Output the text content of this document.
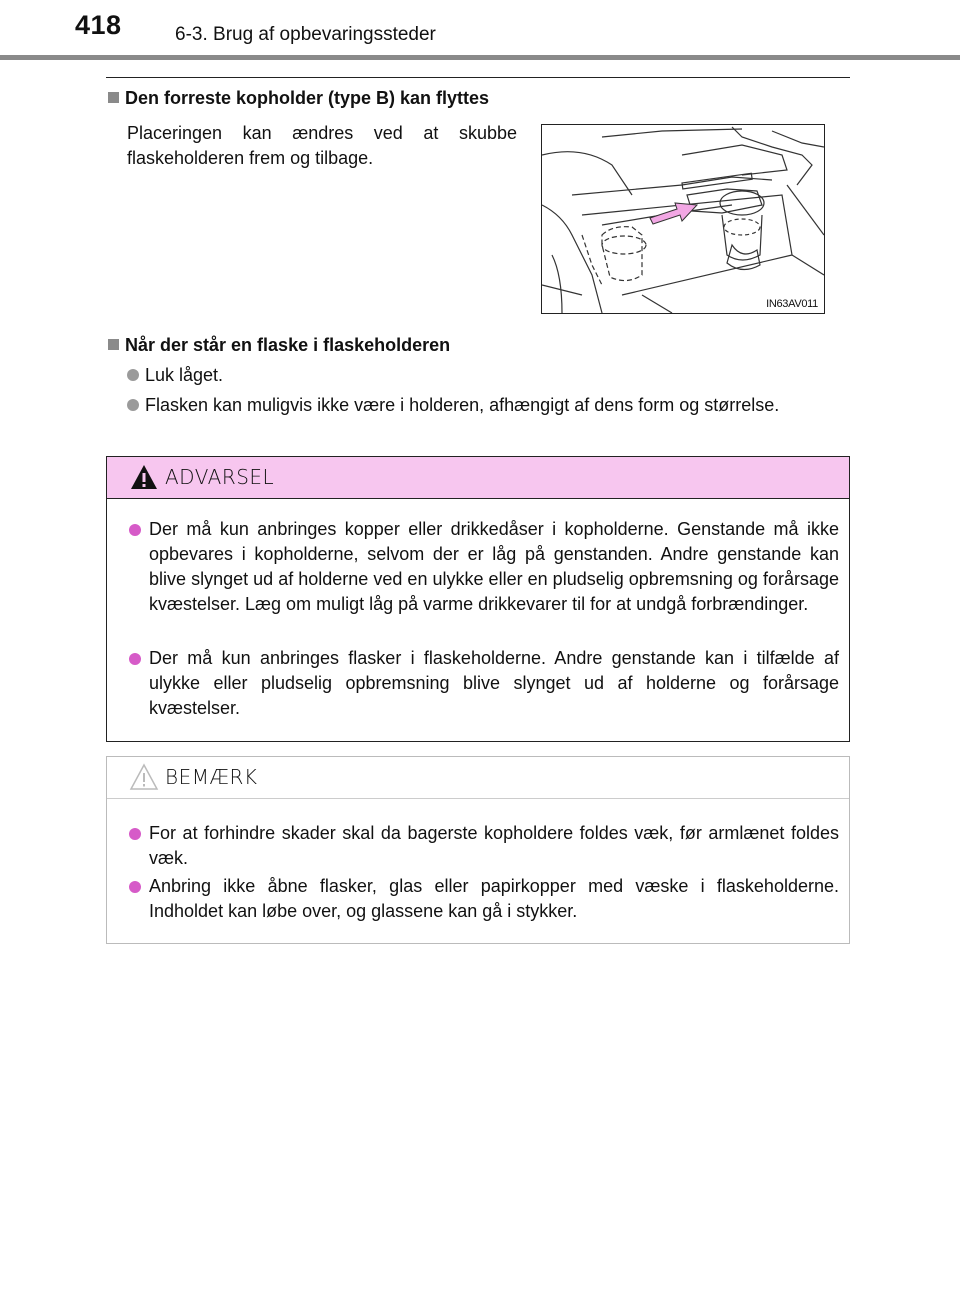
418	6-3. Brug af opbevaringssteder
Den forreste kopholder (type B) kan flyttes
Placeringen kan ændres ved at skubbe flaskeholderen frem og tilbage.
IN63AV011
Når der står en flaske i flaskeholderen
Luk låget.
Flasken kan muligvis ikke være i holderen, afhængigt af dens form og størrelse.
ADVARSEL
Der må kun anbringes kopper eller drikkedåser i kopholderne. Genstande må ikke opbevares i kopholderne, selvom der er låg på genstanden. Andre genstande kan blive slynget ud af holderne ved en ulykke eller en pludselig opbremsning og forårsage kvæstelser. Læg om muligt låg på varme drikkevarer til for at undgå forbrændinger.
Der må kun anbringes flasker i flaskeholderne. Andre genstande kan i tilfælde af ulykke eller pludselig opbremsning blive slynget ud af holderne og forårsage kvæstelser.
BEMÆRK
For at forhindre skader skal da bagerste kopholdere foldes væk, før armlænet foldes væk.
Anbring ikke åbne flasker, glas eller papirkopper med væske i flaskeholderne. Indholdet kan løbe over, og glassene kan gå i stykker.
